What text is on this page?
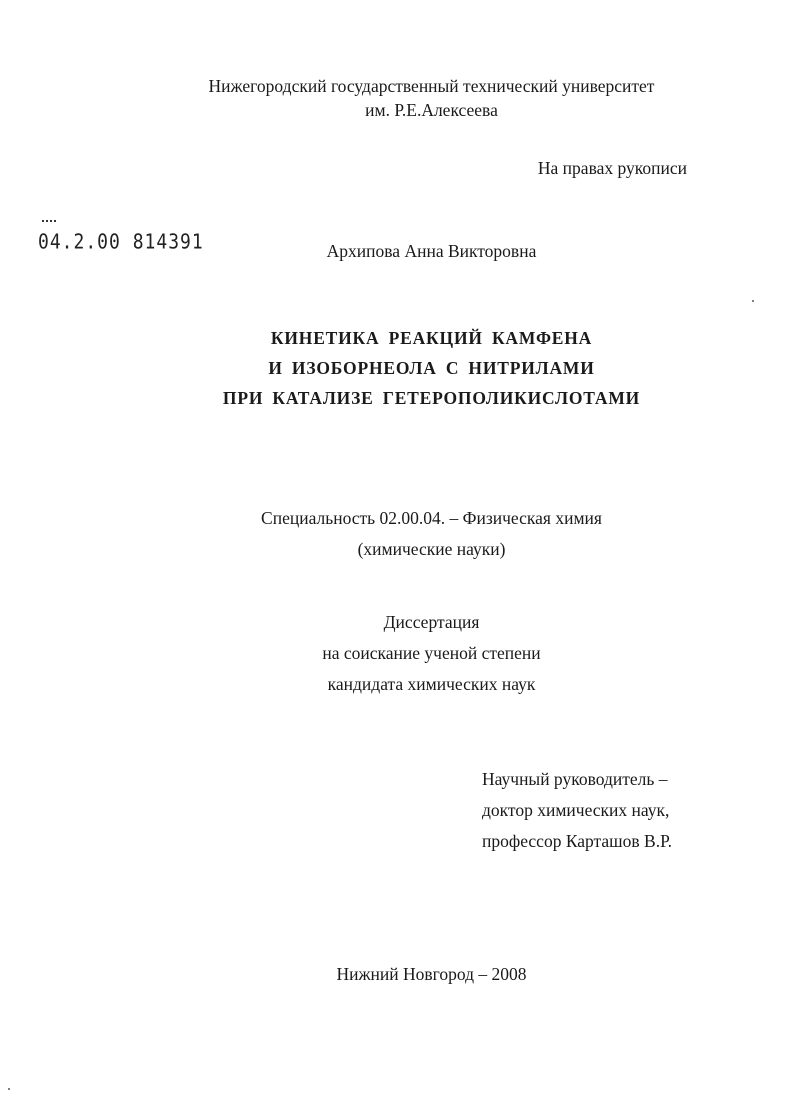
Нижегородский государственный технический университет
им. Р.Е.Алексеева
На правах рукописи
04.2.00 814391	Архипова Анна Викторовна
КИНЕТИКА РЕАКЦИЙ КАМФЕНА
И ИЗОБОРНЕОЛА С НИТРИЛАМИ
ПРИ КАТАЛИЗЕ ГЕТЕРОПОЛИКИСЛОТАМИ
Специальность 02.00.04. – Физическая химия
(химические науки)
Диссертация
на соискание ученой степени
кандидата химических наук
Научный руководитель –
доктор химических наук,
профессор Карташов В.Р.
Нижний Новгород – 2008
